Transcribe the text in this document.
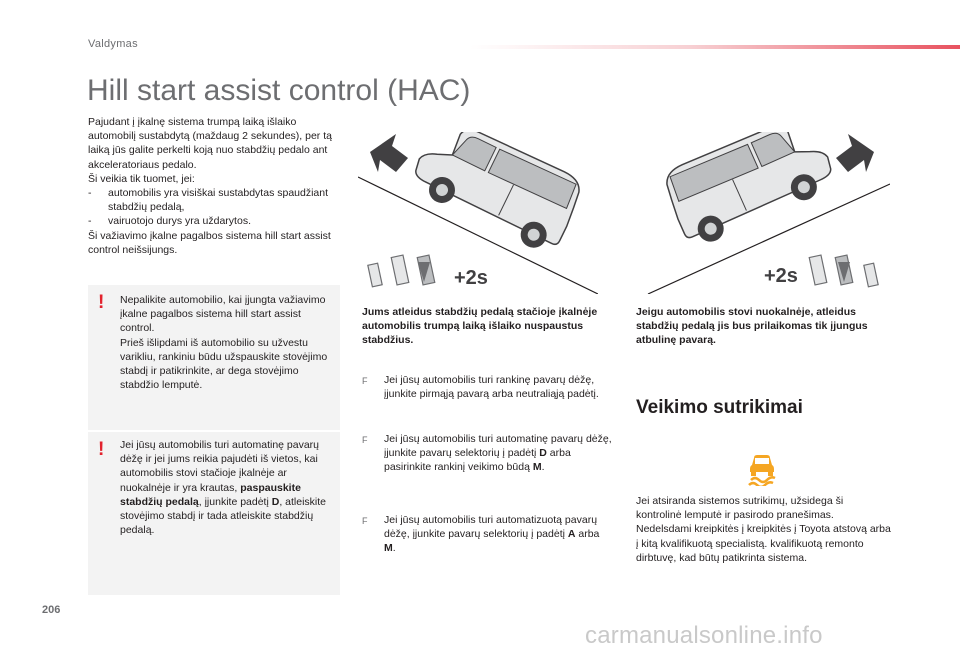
Valdymas
Hill start assist control (HAC)

Pajudant į įkalnę sistema trumpą laiką išlaiko automobilį sustabdytą (maždaug 2 sekundes), per tą laiką jūs galite perkelti koją nuo stabdžių pedalo ant akceleratoriaus pedalo.

Ši veikia tik tuomet, jei:

-	automobilis yra visiškai sustabdytas spaudžiant stabdžių pedalą,
-	vairuotojo durys yra uždarytos.

Ši važiavimo įkalne pagalbos sistema hill start assist control neišsijungs.

! Nepalikite automobilio, kai įjungta važiavimo įkalne pagalbos sistema hill start assist control.

Prieš išlipdami iš automobilio su užvestu varikliu, rankiniu būdu užspauskite stovėjimo stabdį ir patikrinkite, ar dega stovėjimo stabdžio lemputė.

! Jei jūsų automobilis turi automatinę pavarų dėžę ir jei jums reikia pajudėti iš vietos, kai automobilis stovi stačioje įkalnėje ar nuokalnėje ir yra krautas, paspauskite stabdžių pedalą, įjunkite padėtį D, atleiskite stovėjimo stabdį ir tada atleiskite stabdžių pedalą.
+2s	+2s
Jums atleidus stabdžių pedalą stačioje įkalnėje automobilis trumpą laiką išlaiko nuspaustus stabdžius.
Jeigu automobilis stovi nuokalnėje, atleidus stabdžių pedalą jis bus prilaikomas tik įjungus atbulinę pavarą.
F	Jei jūsų automobilis turi rankinę pavarų dėžę, įjunkite pirmąją pavarą arba neutraliąją padėtį.
F	Jei jūsų automobilis turi automatinę pavarų dėžę, įjunkite pavarų selektorių į padėtį D arba pasirinkite rankinį veikimo būdą M.
F	Jei jūsų automobilis turi automatizuotą pavarų dėžę, įjunkite pavarų selektorių į padėtį A arba M.
Veikimo sutrikimai
Jei atsiranda sistemos sutrikimų, užsidega ši kontrolinė lemputė ir pasirodo pranešimas. Nedelsdami kreipkitės į kreipkitės į Toyota atstovą arba į kitą kvalifikuotą specialistą. kvalifikuotą remonto dirbtuvę, kad būtų patikrinta sistema.
206
carmanualsonline.info
